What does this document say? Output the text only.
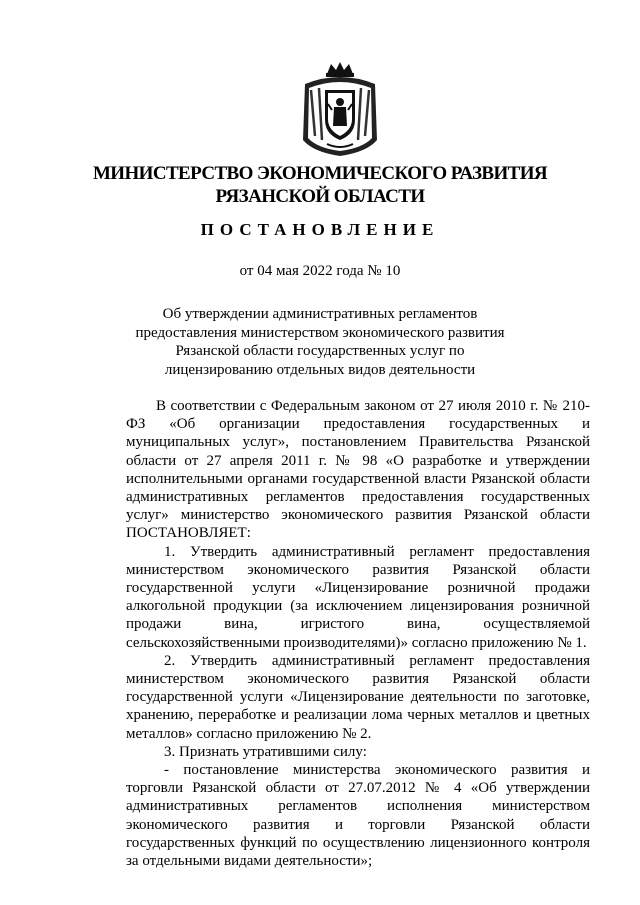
МИНИСТЕРСТВО ЭКОНОМИЧЕСКОГО РАЗВИТИЯ
РЯЗАНСКОЙ ОБЛАСТИ
ПОСТАНОВЛЕНИЕ
от 04 мая 2022 года № 10
Об утверждении административных регламентов предоставления министерством экономического развития Рязанской области государственных услуг по лицензированию отдельных видов деятельности

В соответствии с Федеральным законом от 27 июля 2010 г. № 210-ФЗ «Об организации предоставления государственных и муниципальных услуг», постановлением Правительства Рязанской области от 27 апреля 2011 г. № 98 «О разработке и утверждении исполнительными органами государственной власти Рязанской области административных регламентов предоставления государственных услуг» министерство экономического развития Рязанской области ПОСТАНОВЛЯЕТ:

1. Утвердить административный регламент предоставления министерством экономического развития Рязанской области государственной услуги «Лицензирование розничной продажи алкогольной продукции (за исключением лицензирования розничной продажи вина, игристого вина, осуществляемой сельскохозяйственными производителями)» согласно приложению № 1.

2. Утвердить административный регламент предоставления министерством экономического развития Рязанской области государственной услуги «Лицензирование деятельности по заготовке, хранению, переработке и реализации лома черных металлов и цветных металлов» согласно приложению № 2.

3. Признать утратившими силу:

- постановление министерства экономического развития и торговли Рязанской области от 27.07.2012 № 4 «Об утверждении административных регламентов исполнения министерством экономического развития и торговли Рязанской области государственных функций по осуществлению лицензионного контроля за отдельными видами деятельности»;
